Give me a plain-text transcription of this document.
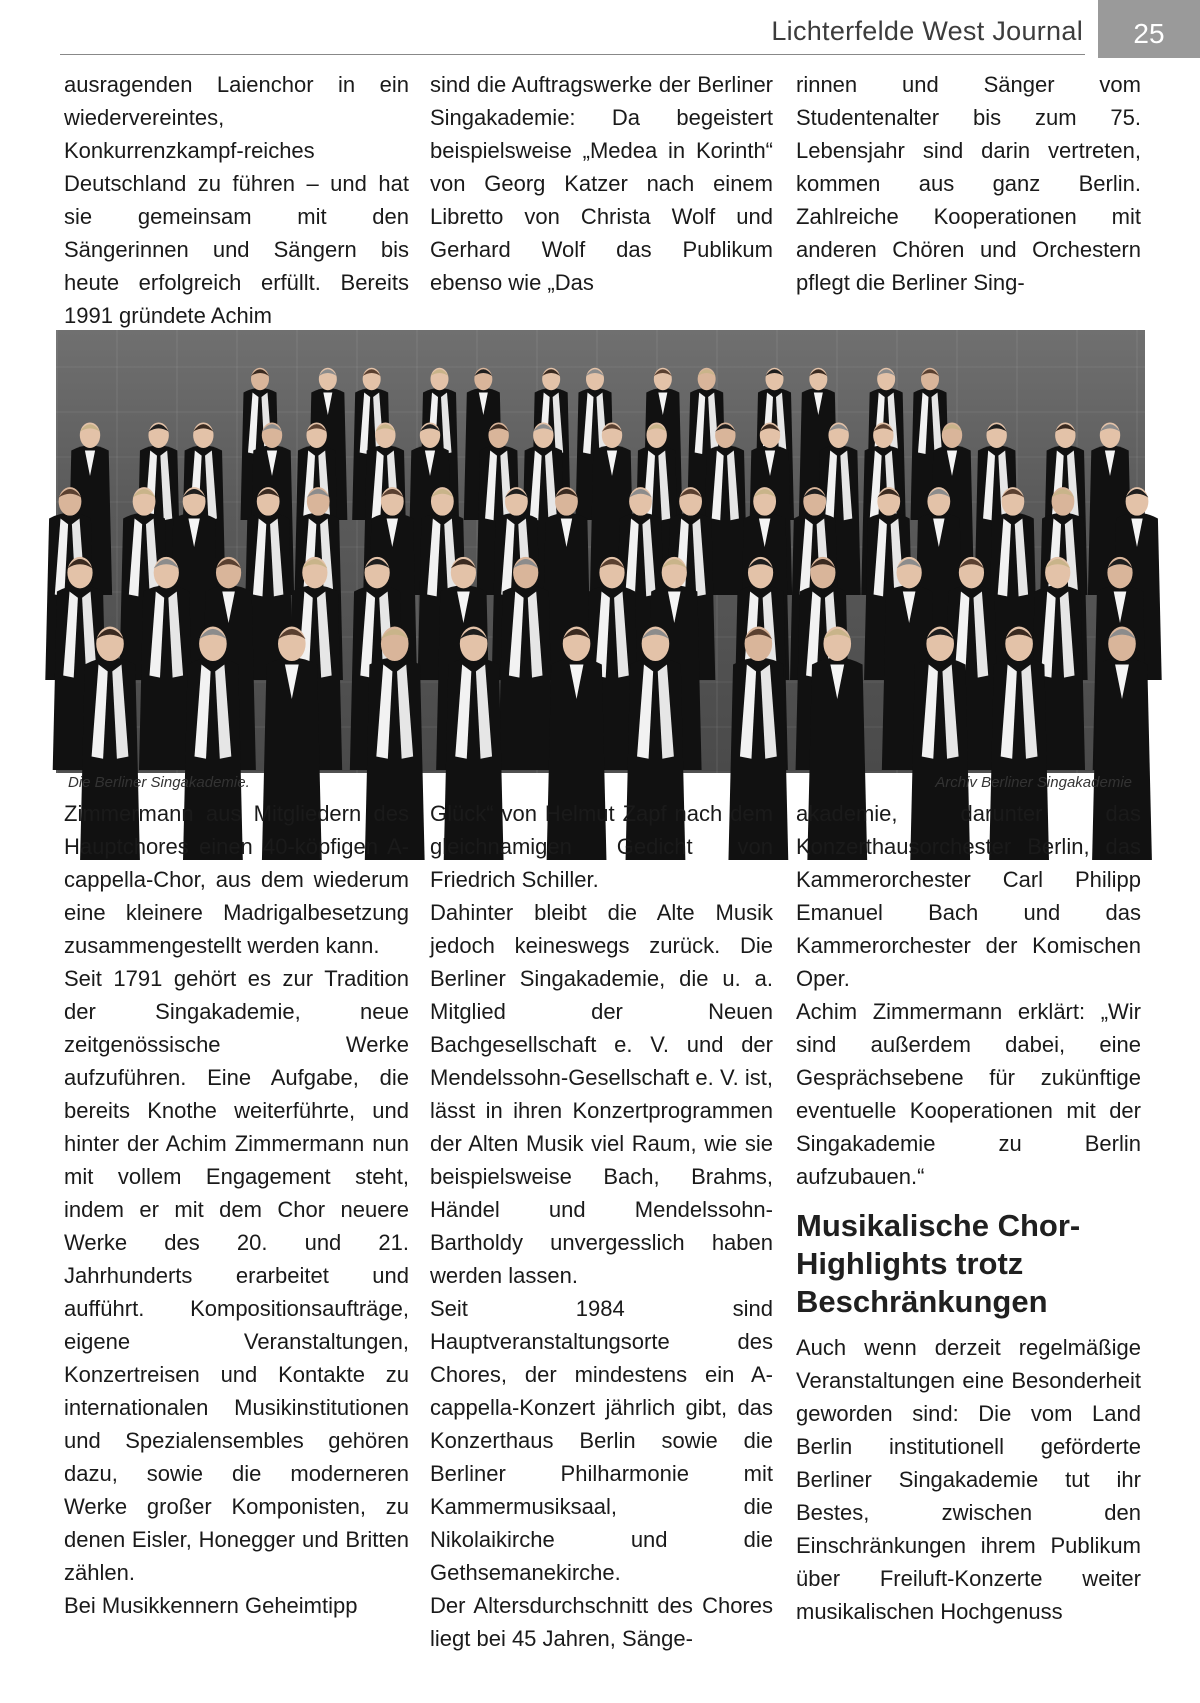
Lichterfelde West Journal	25

ausragenden Laienchor in ein wiedervereintes, Konkurrenzkampf-reiches Deutschland zu führen – und hat sie gemeinsam mit den Sängerinnen und Sängern bis heute erfolgreich erfüllt. Bereits 1991 gründete Achim

sind die Auftragswerke der Berliner Singakademie: Da begeistert beispielsweise „Medea in Korinth“ von Georg Katzer nach einem Libretto von Christa Wolf und Gerhard Wolf das Publikum ebenso wie „Das

rinnen und Sänger vom Studentenalter bis zum 75. Lebensjahr sind darin vertreten, kommen aus ganz Berlin. Zahlreiche Kooperationen mit anderen Chören und Orchestern pflegt die Berliner Sing-

Die Berliner Singakademie.	Archiv Berliner Singakademie

Zimmermann aus Mitgliedern des Hauptchores einen 40-köpfigen A-cappella-Chor, aus dem wiederum eine kleinere Madrigalbesetzung zusammengestellt werden kann.

Seit 1791 gehört es zur Tradition der Singakademie, neue zeitgenössische Werke aufzuführen. Eine Aufgabe, die bereits Knothe weiterführte, und hinter der Achim Zimmermann nun mit vollem Engagement steht, indem er mit dem Chor neuere Werke des 20. und 21. Jahrhunderts erarbeitet und aufführt. Kompositionsaufträge, eigene Veranstaltungen, Konzertreisen und Kontakte zu internationalen Musikinstitutionen und Spezialensembles gehören dazu, sowie die moderneren Werke großer Komponisten, zu denen Eisler, Honegger und Britten zählen.

Bei Musikkennern Geheimtipp

Glück“ von Helmut Zapf nach dem gleichnamigen Gedicht von Friedrich Schiller.

Dahinter bleibt die Alte Musik jedoch keineswegs zurück. Die Berliner Singakademie, die u. a. Mitglied der Neuen Bachgesellschaft e. V. und der Mendelssohn-Gesellschaft e. V. ist, lässt in ihren Konzertprogrammen der Alten Musik viel Raum, wie sie beispielsweise Bach, Brahms, Händel und Mendelssohn-Bartholdy unvergesslich haben werden lassen.

Seit 1984 sind Hauptveranstaltungsorte des Chores, der mindestens ein A-cappella-Konzert jährlich gibt, das Konzerthaus Berlin sowie die Berliner Philharmonie mit Kammermusiksaal, die Nikolaikirche und die Gethsemanekirche.

Der Altersdurchschnitt des Chores liegt bei 45 Jahren, Sänge-

akademie, darunter das Konzerthausorchester Berlin, das Kammerorchester Carl Philipp Emanuel Bach und das Kammerorchester der Komischen Oper.

Achim Zimmermann erklärt: „Wir sind außerdem dabei, eine Gesprächsebene für zukünftige eventuelle Kooperationen mit der Singakademie zu Berlin aufzubauen.“

Musikalische Chor-Highlights trotz Beschränkungen

Auch wenn derzeit regelmäßige Veranstaltungen eine Besonderheit geworden sind: Die vom Land Berlin institutionell geförderte Berliner Singakademie tut ihr Bestes, zwischen den Einschränkungen ihrem Publikum über Freiluft-Konzerte weiter musikalischen Hochgenuss
